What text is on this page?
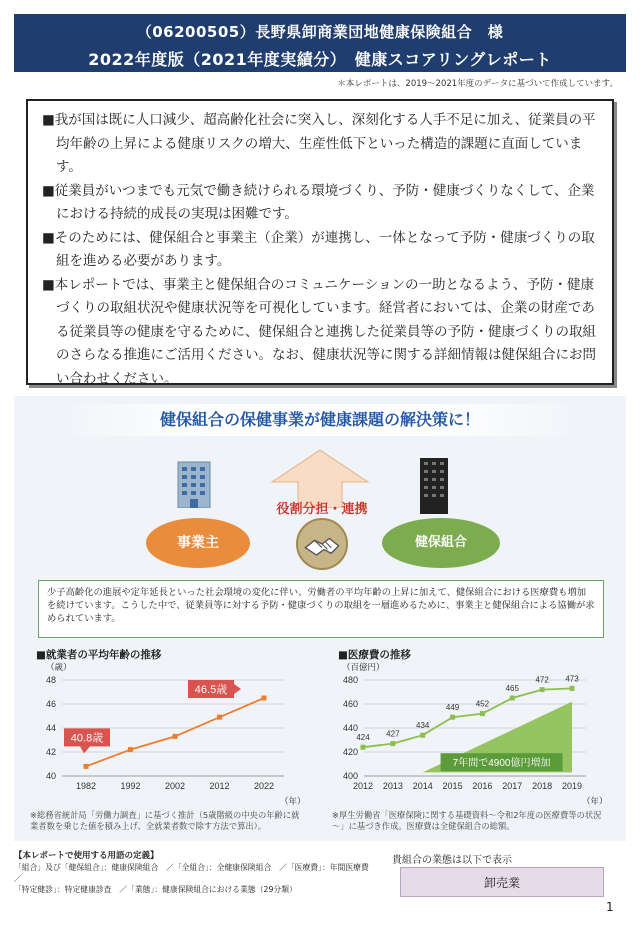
（06200505）長野県卸商業団地健康保険組合　様
2022年度版（2021年度実績分）　健康スコアリングレポート
＊本レポートは、2019～2021年度のデータに基づいて作成しています。

■我が国は既に人口減少、超高齢化社会に突入し、深刻化する人手不足に加え、従業員の平均年齢の上昇による健康リスクの増大、生産性低下といった構造的課題に直面しています。

■従業員がいつまでも元気で働き続けられる環境づくり、予防・健康づくりなくして、企業における持続的成長の実現は困難です。

■そのためには、健保組合と事業主（企業）が連携し、一体となって予防・健康づくりの取組を進める必要があります。

■本レポートでは、事業主と健保組合のコミュニケーションの一助となるよう、予防・健康づくりの取組状況や健康状況等を可視化しています。経営者においては、企業の財産である従業員等の健康を守るために、健保組合と連携した従業員等の予防・健康づくりの取組のさらなる推進にご活用ください。なお、健康状況等に関する詳細情報は健保組合にお問い合わせください。

健保組合の保健事業が健康課題の解決策に！
役割分担・連携
事業主	健保組合
少子高齢化の進展や定年延長といった社会環境の変化に伴い、労働者の平均年齢の上昇に加えて、健保組合における医療費も増加を続けています。こうした中で、従業員等に対する予防・健康づくりの取組を一層進めるために、事業主と健保組合による協働が求められています。
■就業者の平均年齢の推移
（歳）
40
42
44
46
48
1982	1992	2002	2012	2022
40.8歳
46.5歳
（年）
■医療費の推移
（百億円）
400
420
440
460
480
2012 2013 2014 2015 2016 2017 2018 2019
424 427
434
449 452
465
472 473
7年間で4900億円増加
（年）
※総務省統計局「労働力調査」に基づく推計（5歳階級の中央の年齢に就業者数を乗じた値を積み上げ、全就業者数で除す方法で算出）。
※厚生労働省「医療保険に関する基礎資料～令和2年度の医療費等の状況～」に基づき作成。医療費は全健保組合の総額。
【本レポートで使用する用語の定義】
「組合」及び「健保組合」：健康保険組合　／「全組合」：全健康保険組合　／「医療費」：年間医療費　／
「特定健診」：特定健康診査　／「業態」：健康保険組合における業態（29分類）
貴組合の業態は以下で表示
卸売業
1
